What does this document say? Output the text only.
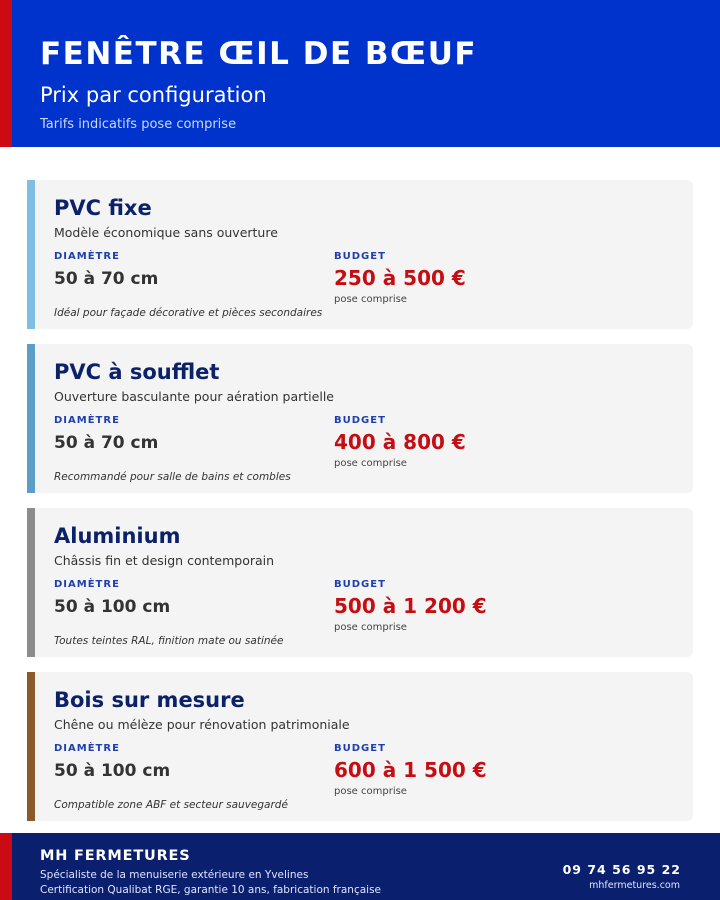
FENÊTRE ŒIL DE BŒUF
Prix par configuration
Tarifs indicatifs pose comprise
PVC fixe
Modèle économique sans ouverture
DIAMÈTRE	BUDGET
50 à 70 cm	250 à 500 €
pose comprise
Idéal pour façade décorative et pièces secondaires
PVC à soufflet
Ouverture basculante pour aération partielle
DIAMÈTRE	BUDGET
50 à 70 cm	400 à 800 €
pose comprise
Recommandé pour salle de bains et combles
Aluminium
Châssis fin et design contemporain
DIAMÈTRE	BUDGET
50 à 100 cm	500 à 1 200 €
pose comprise
Toutes teintes RAL, finition mate ou satinée
Bois sur mesure
Chêne ou mélèze pour rénovation patrimoniale
DIAMÈTRE	BUDGET
50 à 100 cm	600 à 1 500 €
pose comprise
Compatible zone ABF et secteur sauvegardé
MH FERMETURES
Spécialiste de la menuiserie extérieure en Yvelines
Certification Qualibat RGE, garantie 10 ans, fabrication française
09 74 56 95 22
mhfermetures.com
